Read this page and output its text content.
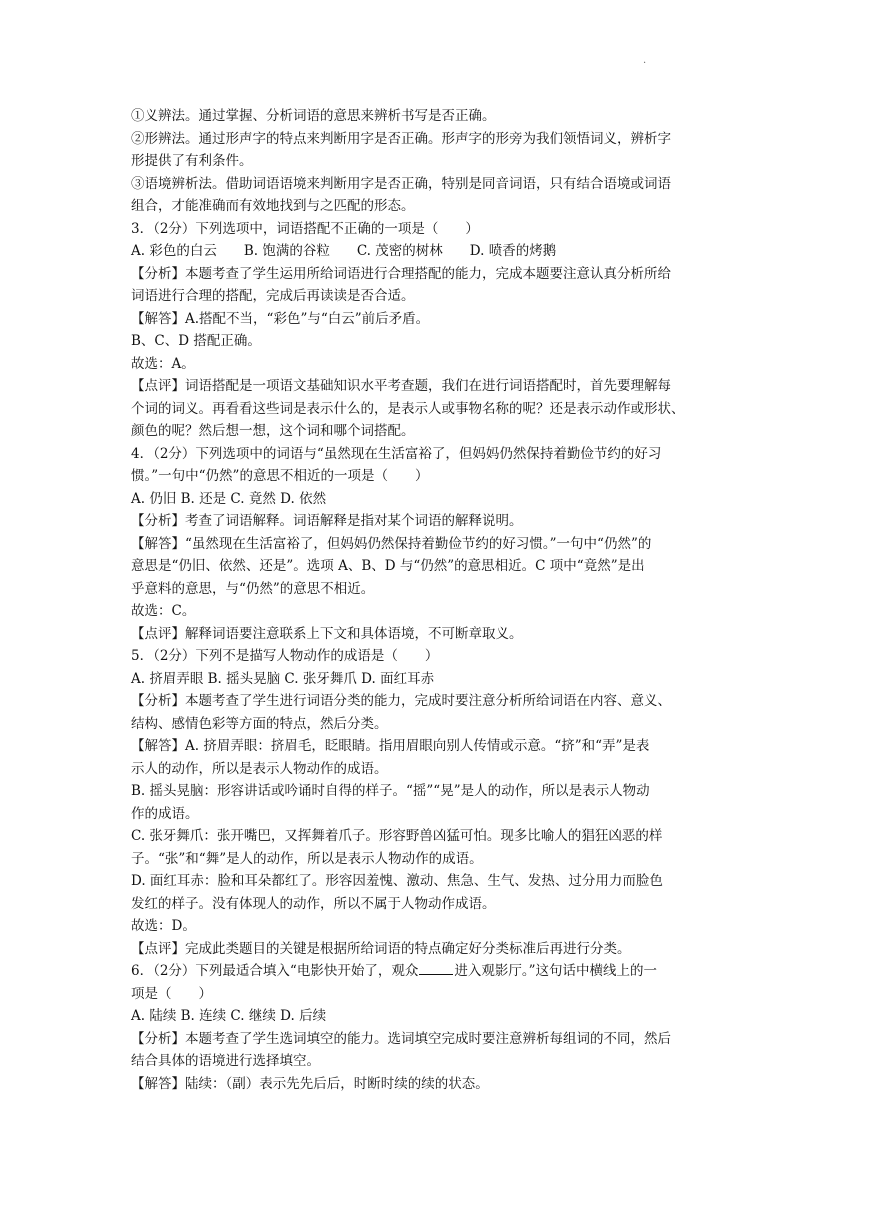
.
①义辨法。通过掌握、分析词语的意思来辨析书写是否正确。
②形辨法。通过形声字的特点来判断用字是否正确。形声字的形旁为我们领悟词义，辨析字
形提供了有利条件。
③语境辨析法。借助词语语境来判断用字是否正确，特别是同音词语，只有结合语境或词语
组合，才能准确而有效地找到与之匹配的形态。
3．（2分）下列选项中，词语搭配不正确的一项是（　　）
A. 彩色的白云　　B. 饱满的谷粒　　C. 茂密的树林　　D. 喷香的烤鹅
【分析】本题考查了学生运用所给词语进行合理搭配的能力，完成本题要注意认真分析所给
词语进行合理的搭配，完成后再读读是否合适。
【解答】A.搭配不当，“彩色”与“白云”前后矛盾。
B、C、D 搭配正确。
故选：A。
【点评】词语搭配是一项语文基础知识水平考查题，我们在进行词语搭配时，首先要理解每
个词的词义。再看看这些词是表示什么的，是表示人或事物名称的呢？还是表示动作或形状、
颜色的呢？然后想一想，这个词和哪个词搭配。
4．（2分）下列选项中的词语与“虽然现在生活富裕了，但妈妈仍然保持着勤俭节约的好习
惯。”一句中“仍然”的意思不相近的一项是（　　）
A. 仍旧 B. 还是 C. 竟然 D. 依然
【分析】考查了词语解释。词语解释是指对某个词语的解释说明。
【解答】“虽然现在生活富裕了，但妈妈仍然保持着勤俭节约的好习惯。”一句中“仍然”的
意思是“仍旧、依然、还是”。选项 A、B、D 与“仍然”的意思相近。C 项中“竟然”是出
乎意料的意思，与“仍然”的意思不相近。
故选：C。
【点评】解释词语要注意联系上下文和具体语境，不可断章取义。
5．（2分）下列不是描写人物动作的成语是（　　）
A. 挤眉弄眼 B. 摇头晃脑 C. 张牙舞爪 D. 面红耳赤
【分析】本题考查了学生进行词语分类的能力，完成时要注意分析所给词语在内容、意义、
结构、感情色彩等方面的特点，然后分类。
【解答】A. 挤眉弄眼：挤眉毛，眨眼睛。指用眉眼向别人传情或示意。“挤”和“弄”是表
示人的动作，所以是表示人物动作的成语。
B. 摇头晃脑：形容讲话或吟诵时自得的样子。“摇”“晃”是人的动作，所以是表示人物动
作的成语。
C. 张牙舞爪：张开嘴巴，又挥舞着爪子。形容野兽凶猛可怕。现多比喻人的猖狂凶恶的样
子。“张”和“舞”是人的动作，所以是表示人物动作的成语。
D. 面红耳赤：脸和耳朵都红了。形容因羞愧、激动、焦急、生气、发热、过分用力而脸色
发红的样子。没有体现人的动作，所以不属于人物动作成语。
故选：D。
【点评】完成此类题目的关键是根据所给词语的特点确定好分类标准后再进行分类。
6．（2分）下列最适合填入“电影快开始了，观众	进入观影厅。”这句话中横线上的一
项是（　　）
A. 陆续 B. 连续 C. 继续 D. 后续
【分析】本题考查了学生选词填空的能力。选词填空完成时要注意辨析每组词的不同，然后
结合具体的语境进行选择填空。
【解答】陆续：（副）表示先先后后，时断时续的续的状态。
